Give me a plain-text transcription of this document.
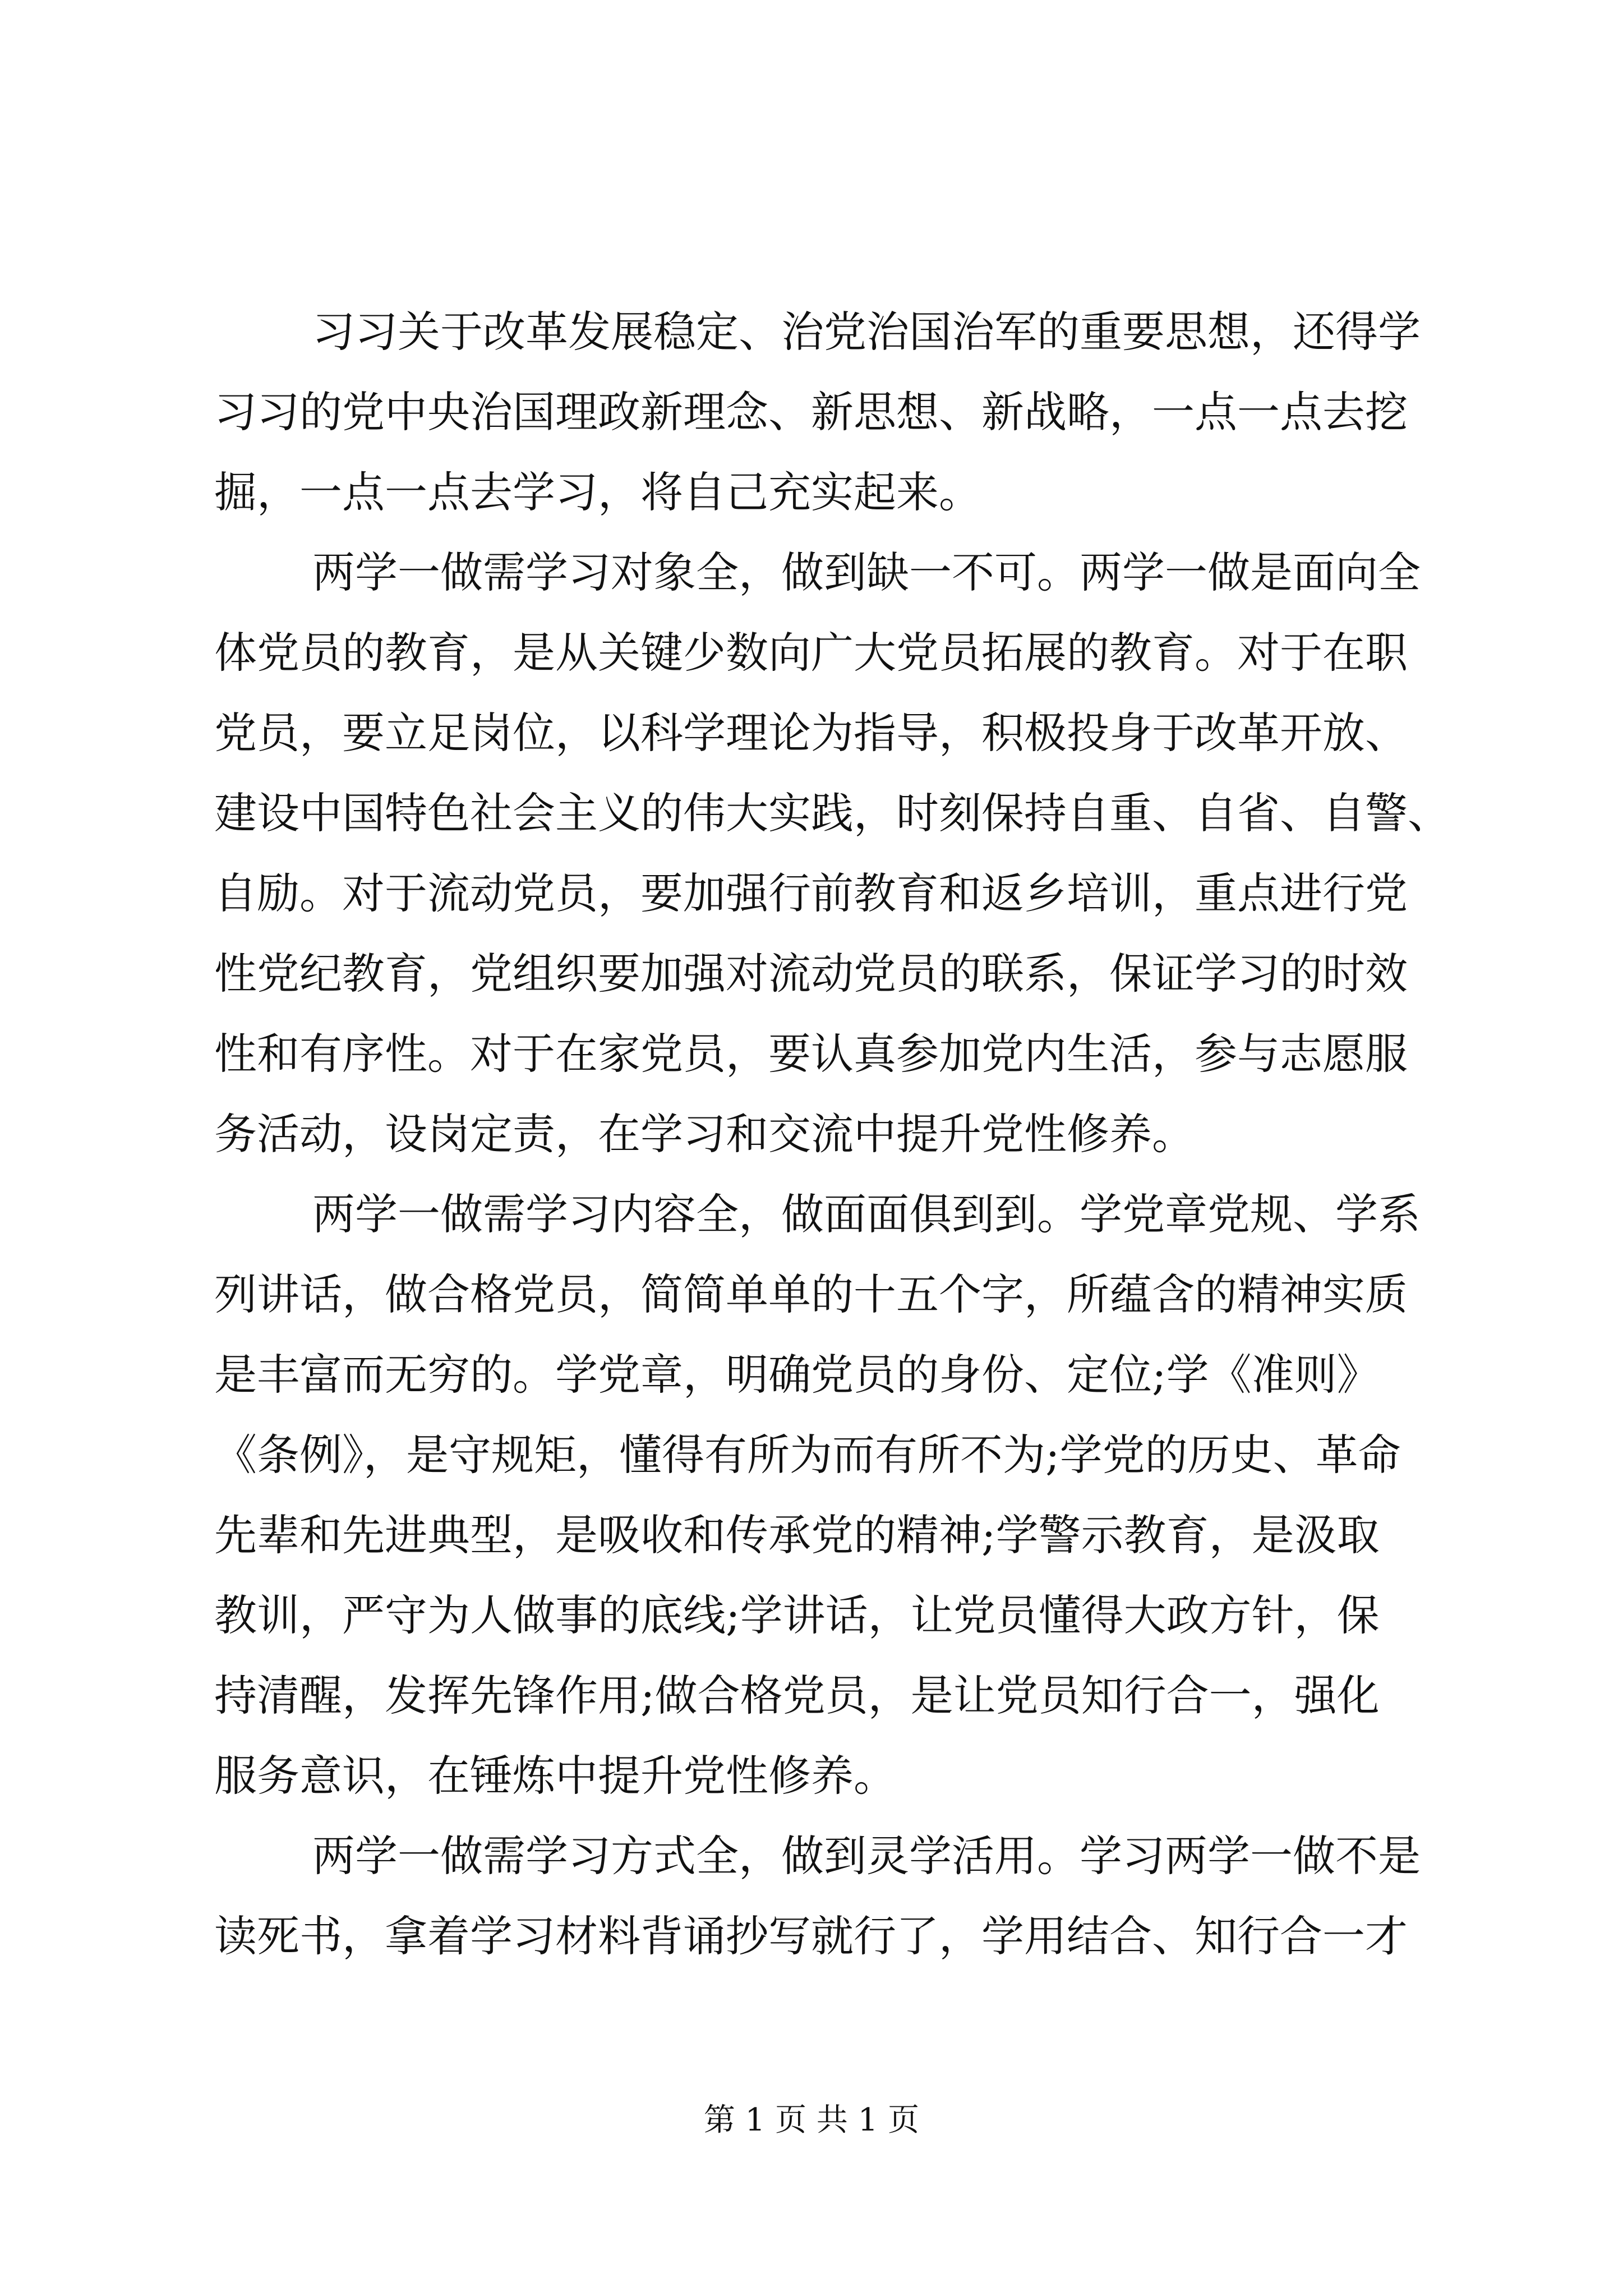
习习关于改革发展稳定、治党治国治军的重要思想，还得学
习习的党中央治国理政新理念、新思想、新战略，一点一点去挖
掘，一点一点去学习，将自己充实起来。
两学一做需学习对象全，做到缺一不可。两学一做是面向全
体党员的教育，是从关键少数向广大党员拓展的教育。对于在职
党员，要立足岗位，以科学理论为指导，积极投身于改革开放、
建设中国特色社会主义的伟大实践，时刻保持自重、自省、自警、
自励。对于流动党员，要加强行前教育和返乡培训，重点进行党
性党纪教育，党组织要加强对流动党员的联系，保证学习的时效
性和有序性。对于在家党员，要认真参加党内生活，参与志愿服
务活动，设岗定责，在学习和交流中提升党性修养。
两学一做需学习内容全，做面面俱到到。学党章党规、学系
列讲话，做合格党员，简简单单的十五个字，所蕴含的精神实质
是丰富而无穷的。学党章，明确党员的身份、定位;学《准则》
《条例》，是守规矩，懂得有所为而有所不为;学党的历史、革命
先辈和先进典型，是吸收和传承党的精神;学警示教育，是汲取
教训，严守为人做事的底线;学讲话，让党员懂得大政方针，保
持清醒，发挥先锋作用;做合格党员，是让党员知行合一，强化
服务意识，在锤炼中提升党性修养。
两学一做需学习方式全，做到灵学活用。学习两学一做不是
读死书，拿着学习材料背诵抄写就行了，学用结合、知行合一才
第 1 页 共 1 页
